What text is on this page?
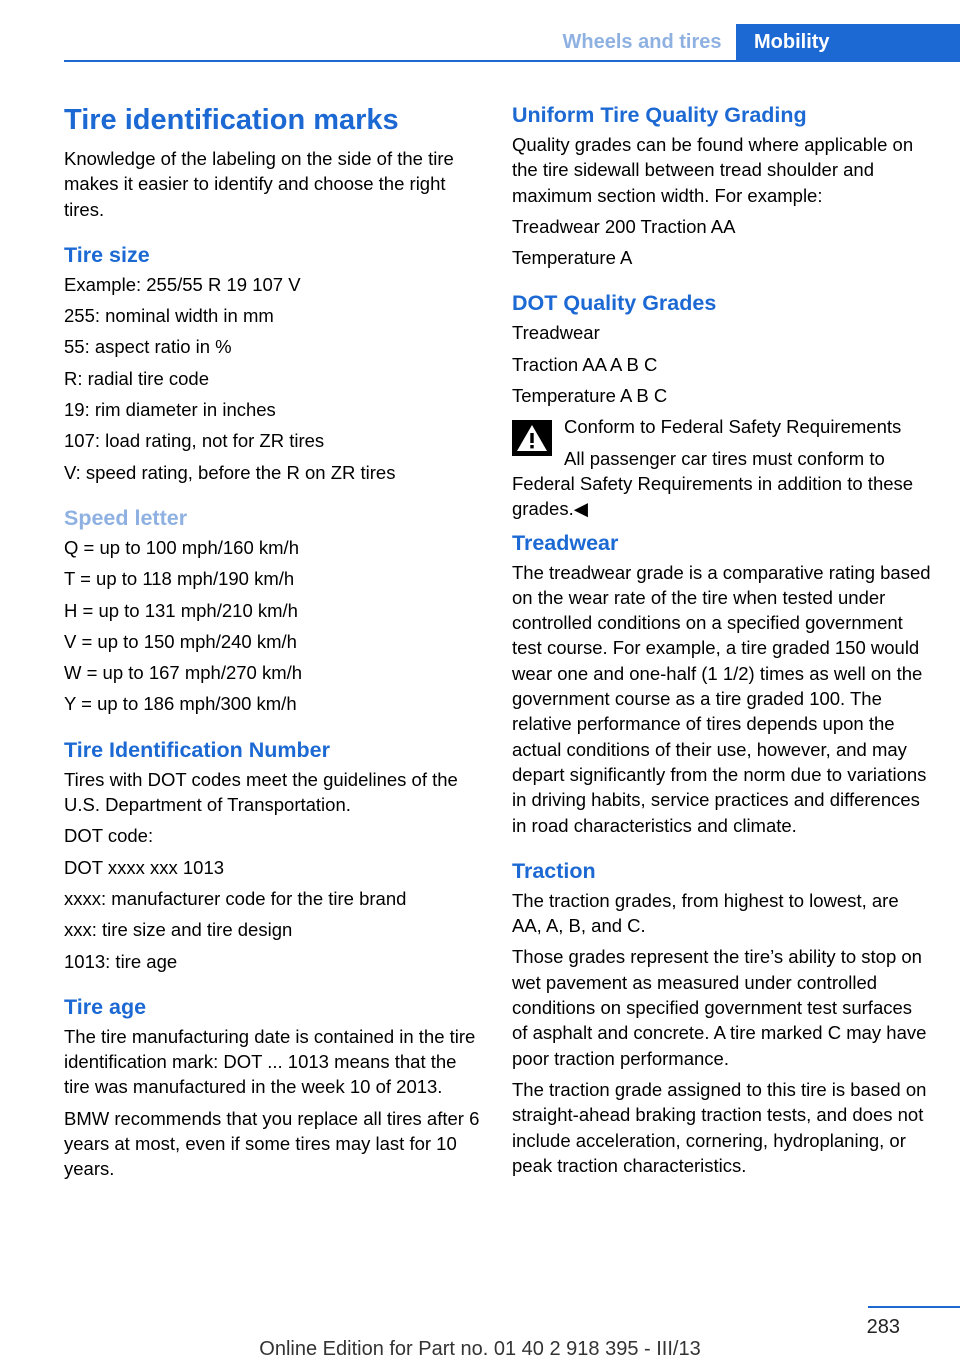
Wheels and tires	Mobility
Tire identification marks

Knowledge of the labeling on the side of the tire makes it easier to identify and choose the right tires.

Tire size

Example: 255/55 R 19 107 V

255: nominal width in mm

55: aspect ratio in %

R: radial tire code

19: rim diameter in inches

107: load rating, not for ZR tires

V: speed rating, before the R on ZR tires

Speed letter

Q = up to 100 mph/160 km/h

T = up to 118 mph/190 km/h

H = up to 131 mph/210 km/h

V = up to 150 mph/240 km/h

W = up to 167 mph/270 km/h

Y = up to 186 mph/300 km/h

Tire Identification Number

Tires with DOT codes meet the guidelines of the U.S. Department of Transportation.

DOT code:

DOT xxxx xxx 1013

xxxx: manufacturer code for the tire brand

xxx: tire size and tire design

1013: tire age

Tire age

The tire manufacturing date is contained in the tire identification mark: DOT ... 1013 means that the tire was manufactured in the week 10 of 2013.

BMW recommends that you replace all tires after 6 years at most, even if some tires may last for 10 years.

Uniform Tire Quality Grading

Quality grades can be found where applicable on the tire sidewall between tread shoulder and maximum section width. For example:

Treadwear 200 Traction AA

Temperature A

DOT Quality Grades

Treadwear

Traction AA A B C

Temperature A B C

Conform to Federal Safety Requirements

All passenger car tires must conform to Federal Safety Requirements in addition to these grades.◀

Treadwear

The treadwear grade is a comparative rating based on the wear rate of the tire when tested under controlled conditions on a specified government test course. For example, a tire graded 150 would wear one and one-half (1 1/2) times as well on the government course as a tire graded 100. The relative performance of tires depends upon the actual conditions of their use, however, and may depart significantly from the norm due to variations in driving habits, service practices and differences in road characteristics and climate.

Traction

The traction grades, from highest to lowest, are AA, A, B, and C.

Those grades represent the tire’s ability to stop on wet pavement as measured under controlled conditions on specified government test surfaces of asphalt and concrete. A tire marked C may have poor traction performance.

The traction grade assigned to this tire is based on straight-ahead braking traction tests, and does not include acceleration, cornering, hydroplaning, or peak traction characteristics.

283
Online Edition for Part no. 01 40 2 918 395 - III/13
